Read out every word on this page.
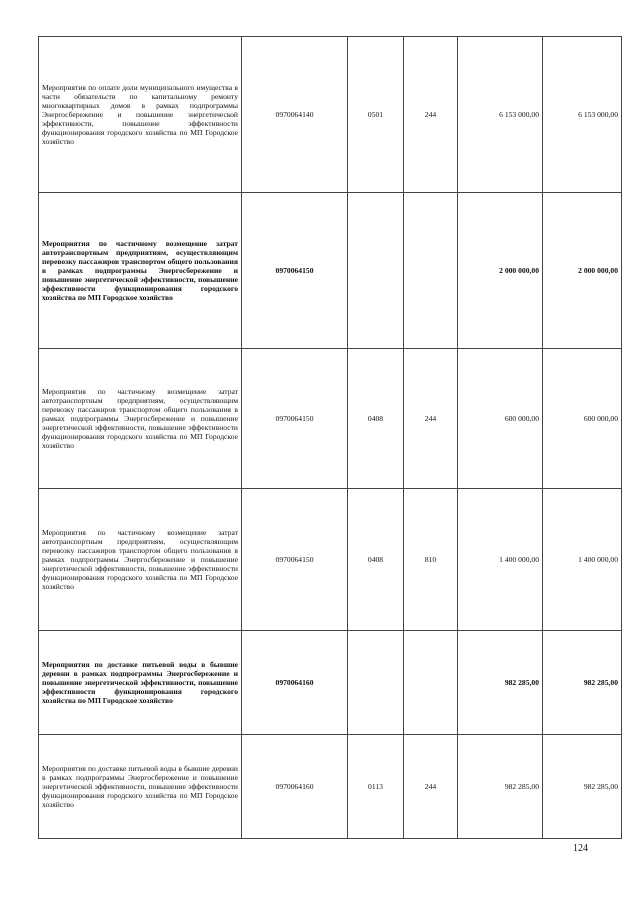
Мероприятия по оплате доли муниципального имущества в части обязательств по капитальному ремонту многоквартирных домов в рамках подпрограммы Энергосбережение и повышение энергетической эффективности, повышение эффективности функционирования городского хозяйства по МП Городское хозяйство	0970064140	0501	244	6 153 000,00	6 153 000,00
Мероприятия по частичному возмещение затрат автотранспортным предприятиям, осуществляющим перевозку пассажиров транспортом общего пользования в рамках подпрограммы Энергосбережение и повышение энергетической эффективности, повышение эффективности функционирования городского хозяйства по МП Городское хозяйство	0970064150			2 000 000,00	2 000 000,00
Мероприятия по частичному возмещение затрат автотранспортным предприятиям, осуществляющим перевозку пассажиров транспортом общего пользования в рамках подпрограммы Энергосбережение и повышение энергетической эффективности, повышение эффективности функционирования городского хозяйства по МП Городское хозяйство	0970064150	0408	244	600 000,00	600 000,00
Мероприятия по частичному возмещение затрат автотранспортным предприятиям, осуществляющим перевозку пассажиров транспортом общего пользования в рамках подпрограммы Энергосбережение и повышение энергетической эффективности, повышение эффективности функционирования городского хозяйства по МП Городское хозяйство	0970064150	0408	810	1 400 000,00	1 400 000,00
Мероприятия по доставке питьевой воды в бывшие деревни в рамках подпрограммы Энергосбережение и повышение энергетической эффективности, повышение эффективности функционирования городского хозяйства по МП Городское хозяйство	0970064160			982 285,00	982 285,00
Мероприятия по доставке питьевой воды в бывшие деревни в рамках подпрограммы Энергосбережение и повышение энергетической эффективности, повышение эффективности функционирования городского хозяйства по МП Городское хозяйство	0970064160	0113	244	982 285,00	982 285,00
124
